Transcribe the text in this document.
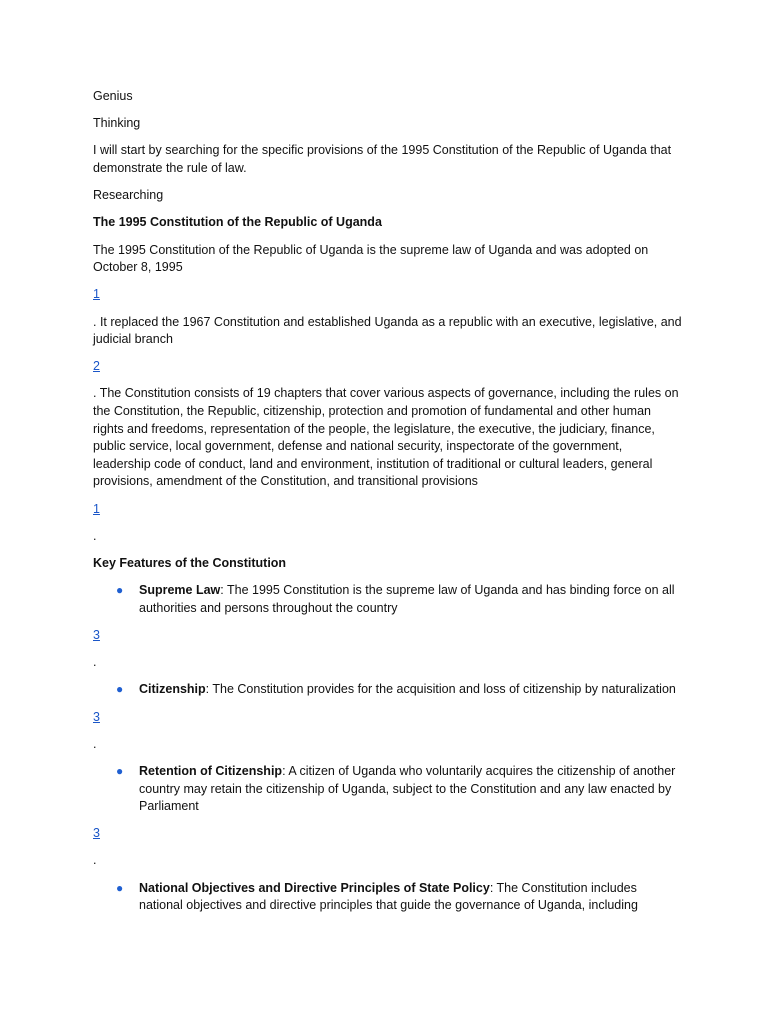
Genius

Thinking

I will start by searching for the specific provisions of the 1995 Constitution of the Republic of Uganda that demonstrate the rule of law.

Researching

The 1995 Constitution of the Republic of Uganda

The 1995 Constitution of the Republic of Uganda is the supreme law of Uganda and was adopted on October 8, 1995

1

. It replaced the 1967 Constitution and established Uganda as a republic with an executive, legislative, and judicial branch

2

. The Constitution consists of 19 chapters that cover various aspects of governance, including the rules on the Constitution, the Republic, citizenship, protection and promotion of fundamental and other human rights and freedoms, representation of the people, the legislature, the executive, the judiciary, finance, public service, local government, defense and national security, inspectorate of the government, leadership code of conduct, land and environment, institution of traditional or cultural leaders, general provisions, amendment of the Constitution, and transitional provisions

1

.

Key Features of the Constitution

● Supreme Law: The 1995 Constitution is the supreme law of Uganda and has binding force on all authorities and persons throughout the country

3

.

● Citizenship: The Constitution provides for the acquisition and loss of citizenship by naturalization

3

.

● Retention of Citizenship: A citizen of Uganda who voluntarily acquires the citizenship of another country may retain the citizenship of Uganda, subject to the Constitution and any law enacted by Parliament

3

.

● National Objectives and Directive Principles of State Policy: The Constitution includes national objectives and directive principles that guide the governance of Uganda, including
